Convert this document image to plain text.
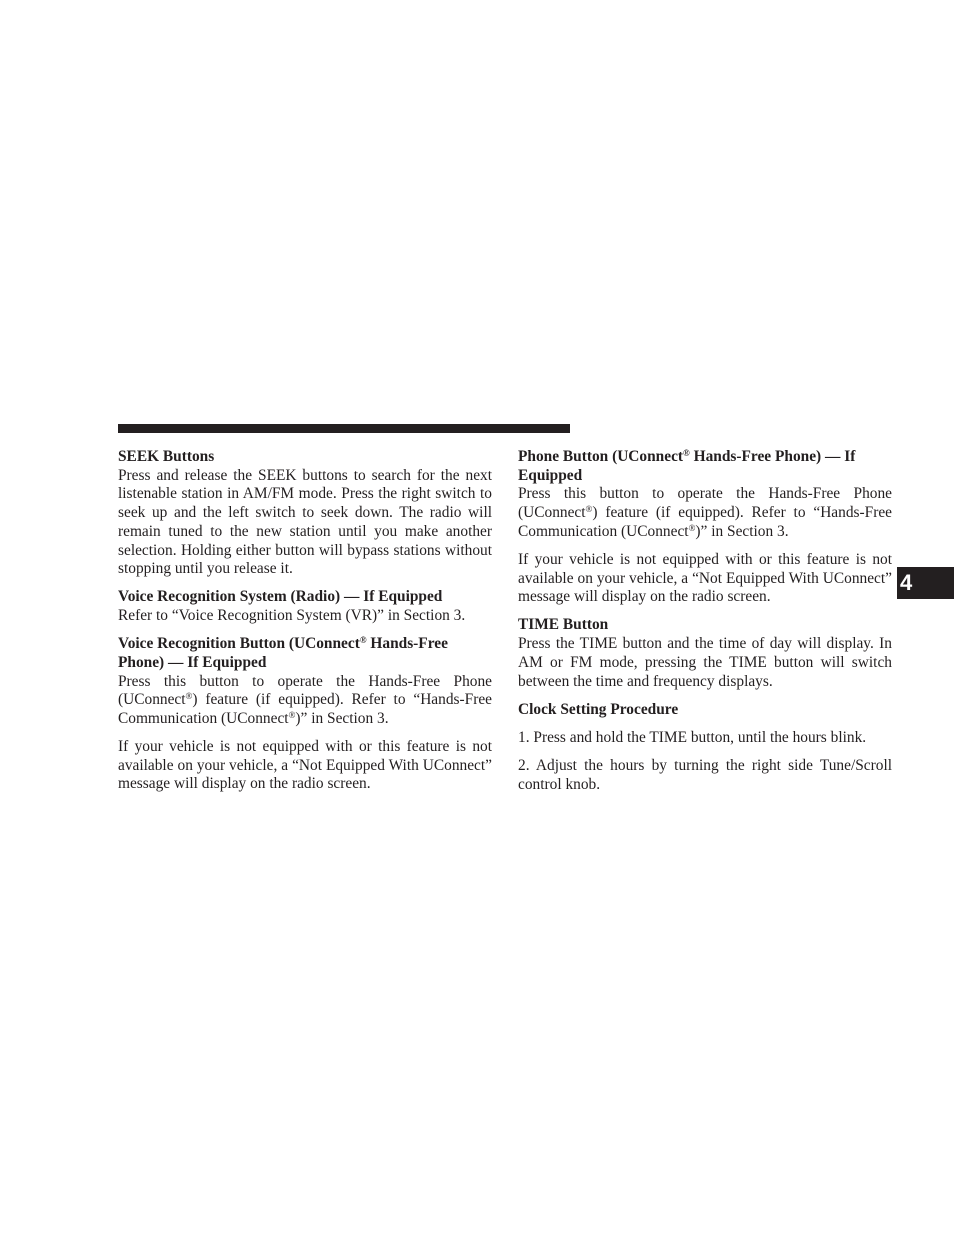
SEEK Buttons

Press and release the SEEK buttons to search for the next listenable station in AM/FM mode. Press the right switch to seek up and the left switch to seek down. The radio will remain tuned to the new station until you make another selection. Holding either button will bypass stations without stopping until you release it.

Voice Recognition System (Radio) — If Equipped

Refer to “Voice Recognition System (VR)” in Section 3.

Voice Recognition Button (UConnect® Hands-Free Phone) — If Equipped

Press this button to operate the Hands-Free Phone (UConnect®) feature (if equipped). Refer to “Hands-Free Communication (UConnect®)” in Section 3.

If your vehicle is not equipped with or this feature is not available on your vehicle, a “Not Equipped With UConnect” message will display on the radio screen.

Phone Button (UConnect® Hands-Free Phone) — If Equipped

Press this button to operate the Hands-Free Phone (UConnect®) feature (if equipped). Refer to “Hands-Free Communication (UConnect®)” in Section 3.

If your vehicle is not equipped with or this feature is not available on your vehicle, a “Not Equipped With UConnect” message will display on the radio screen.

TIME Button

Press the TIME button and the time of day will display. In AM or FM mode, pressing the TIME button will switch between the time and frequency displays.

Clock Setting Procedure

1. Press and hold the TIME button, until the hours blink.

2. Adjust the hours by turning the right side Tune/Scroll control knob.

4
